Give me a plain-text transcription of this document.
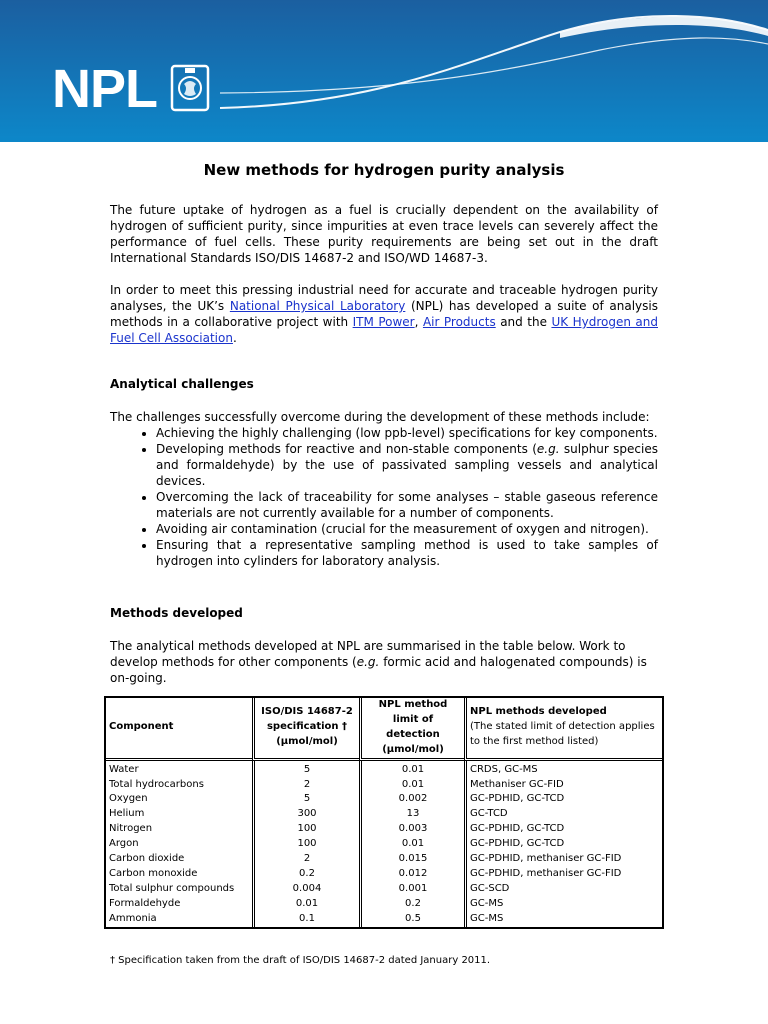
NPL
New methods for hydrogen purity analysis

The future uptake of hydrogen as a fuel is crucially dependent on the availability of hydrogen of sufficient purity, since impurities at even trace levels can severely affect the performance of fuel cells. These purity requirements are being set out in the draft International Standards ISO/DIS 14687-2 and ISO/WD 14687-3.

In order to meet this pressing industrial need for accurate and traceable hydrogen purity analyses, the UK’s National Physical Laboratory (NPL) has developed a suite of analysis methods in a collaborative project with ITM Power, Air Products and the UK Hydrogen and Fuel Cell Association.

Analytical challenges
The challenges successfully overcome during the development of these methods include:
• Achieving the highly challenging (low ppb-level) specifications for key components.
• Developing methods for reactive and non-stable components (e.g. sulphur species and formaldehyde) by the use of passivated sampling vessels and analytical devices.
• Overcoming the lack of traceability for some analyses – stable gaseous reference materials are not currently available for a number of components.
• Avoiding air contamination (crucial for the measurement of oxygen and nitrogen).
• Ensuring that a representative sampling method is used to take samples of hydrogen into cylinders for laboratory analysis.
Methods developed

The analytical methods developed at NPL are summarised in the table below. Work to develop methods for other components (e.g. formic acid and halogenated compounds) is on-going.

Component	ISO/DIS 14687-2 specification † (µmol/mol)	NPL method limit of detection (µmol/mol)	NPL methods developed
(The stated limit of detection applies to the first method listed)
Water	5	0.01	CRDS, GC-MS
Total hydrocarbons	2	0.01	Methaniser GC-FID
Oxygen	5	0.002	GC-PDHID, GC-TCD
Helium	300	13	GC-TCD
Nitrogen	100	0.003	GC-PDHID, GC-TCD
Argon	100	0.01	GC-PDHID, GC-TCD
Carbon dioxide	2	0.015	GC-PDHID, methaniser GC-FID
Carbon monoxide	0.2	0.012	GC-PDHID, methaniser GC-FID
Total sulphur compounds	0.004	0.001	GC-SCD
Formaldehyde	0.01	0.2	GC-MS
Ammonia	0.1	0.5	GC-MS
† Specification taken from the draft of ISO/DIS 14687-2 dated January 2011.
